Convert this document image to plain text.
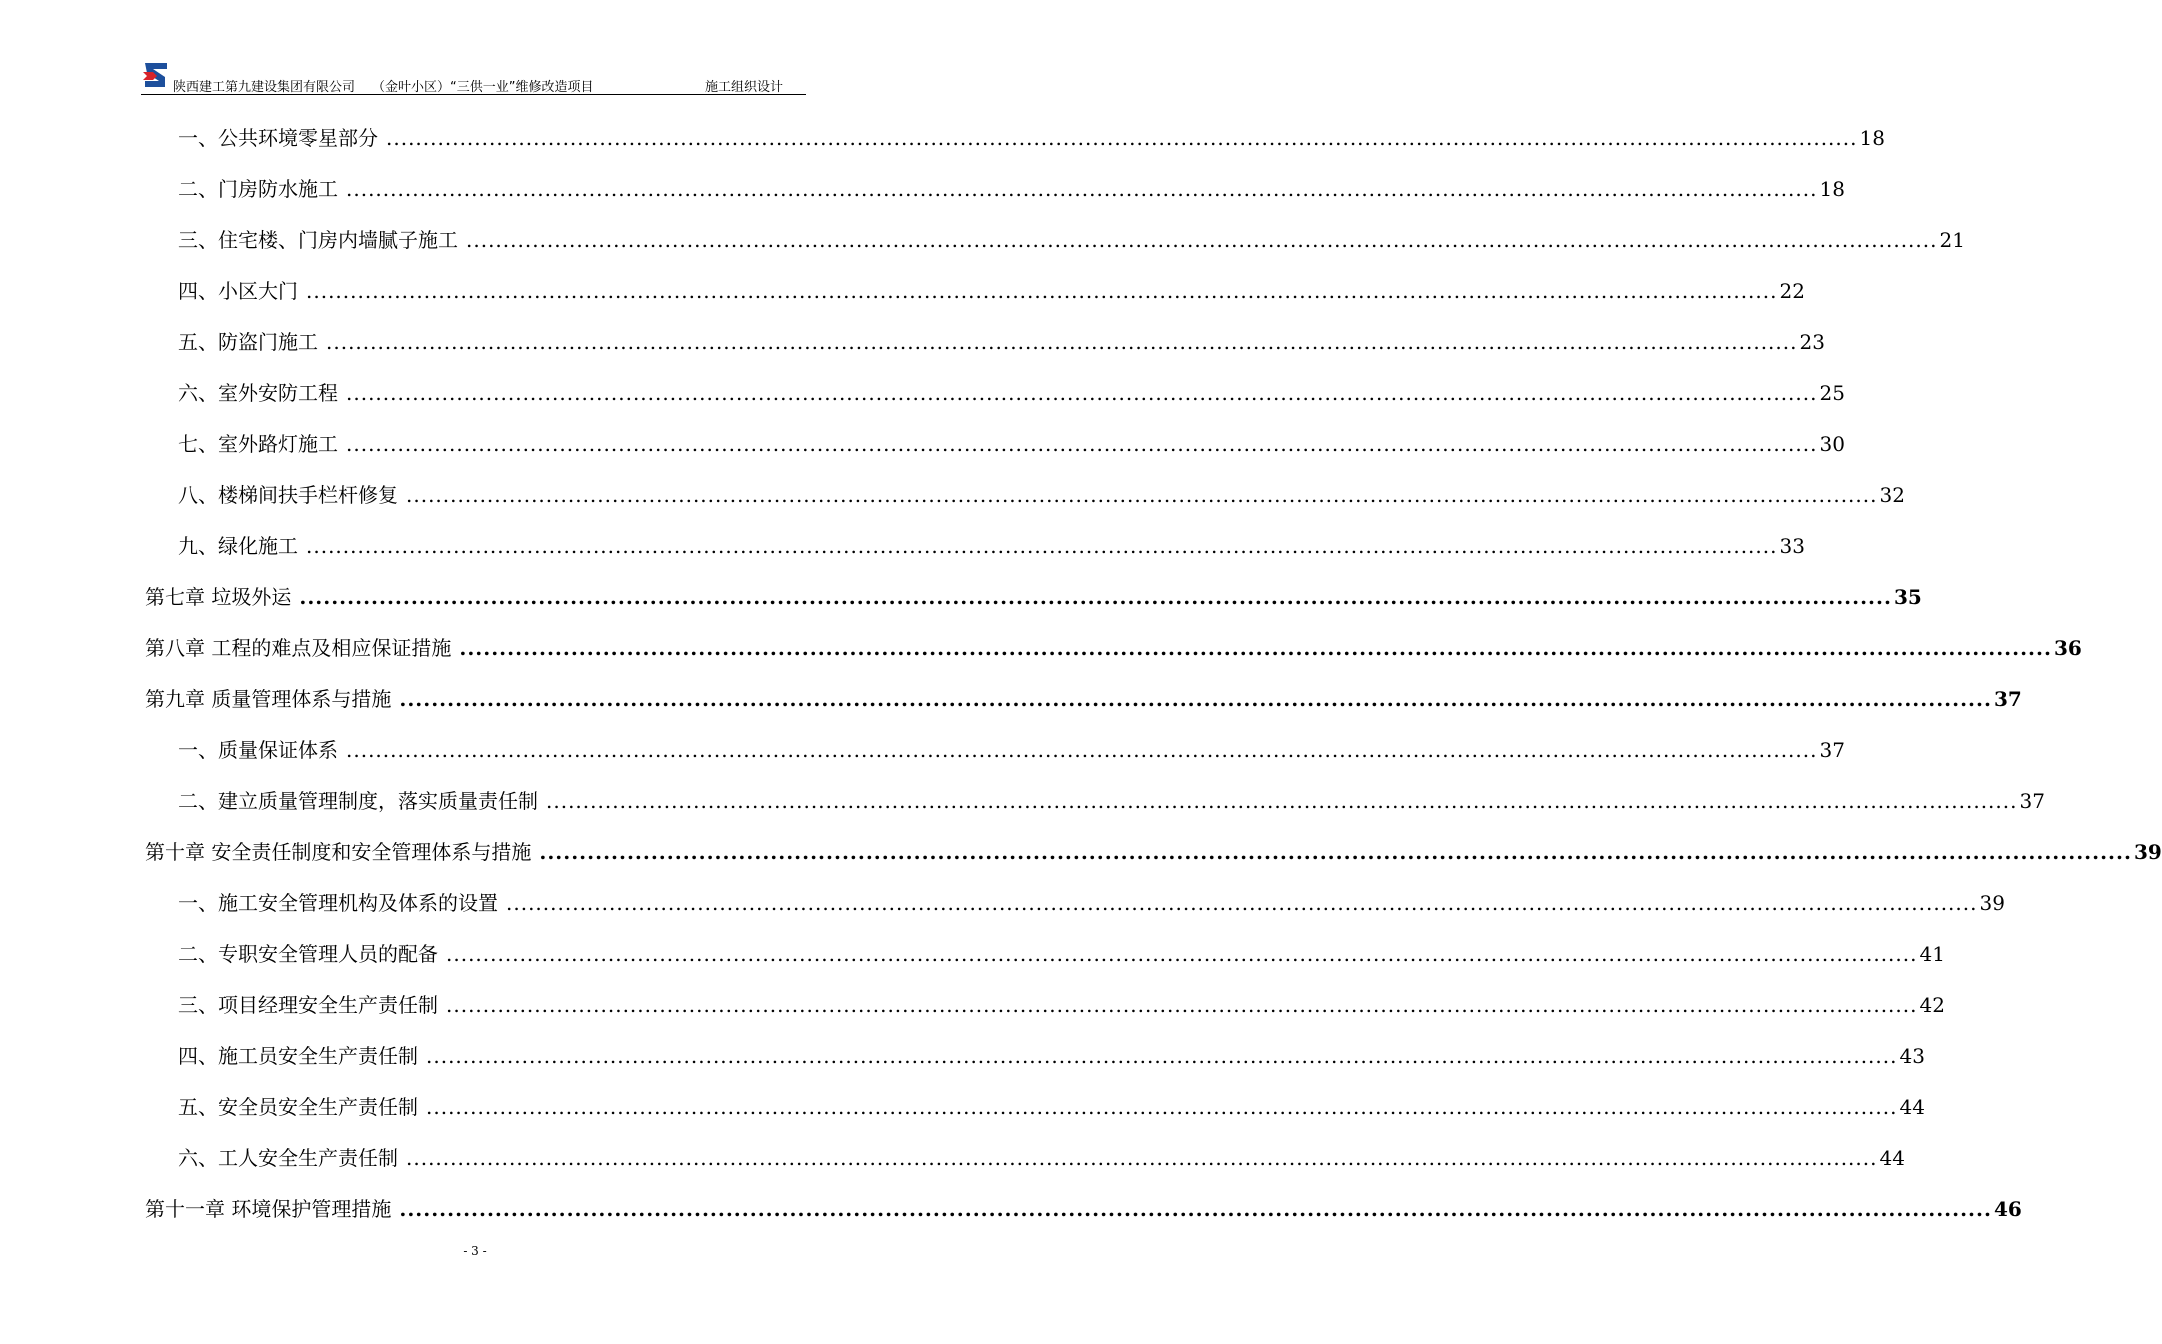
陕西建工第九建设集团有限公司 （金叶小区）“三供一业”维修改造项目	施工组织设计
一、公共环境零星部分 ........................................................................................................................................................................................................ 18
二、门房防水施工 ........................................................................................................................................................................................................ 18
三、住宅楼、门房内墙腻子施工 ........................................................................................................................................................................................................ 21
四、小区大门 ........................................................................................................................................................................................................ 22
五、防盗门施工 ........................................................................................................................................................................................................ 23
六、室外安防工程 ........................................................................................................................................................................................................ 25
七、室外路灯施工 ........................................................................................................................................................................................................ 30
八、楼梯间扶手栏杆修复 ........................................................................................................................................................................................................ 32
九、绿化施工 ........................................................................................................................................................................................................ 33
第七章 垃圾外运 ........................................................................................................................................................................................................ 35
第八章 工程的难点及相应保证措施 ........................................................................................................................................................................................................ 36
第九章 质量管理体系与措施 ........................................................................................................................................................................................................ 37
一、质量保证体系 ........................................................................................................................................................................................................ 37
二、建立质量管理制度，落实质量责任制 ........................................................................................................................................................................................................ 37
第十章 安全责任制度和安全管理体系与措施 ........................................................................................................................................................................................................ 39
一、施工安全管理机构及体系的设置 ........................................................................................................................................................................................................ 39
二、专职安全管理人员的配备 ........................................................................................................................................................................................................ 41
三、项目经理安全生产责任制 ........................................................................................................................................................................................................ 42
四、施工员安全生产责任制 ........................................................................................................................................................................................................ 43
五、安全员安全生产责任制 ........................................................................................................................................................................................................ 44
六、工人安全生产责任制 ........................................................................................................................................................................................................ 44
第十一章 环境保护管理措施 ........................................................................................................................................................................................................ 46
- 3 -
